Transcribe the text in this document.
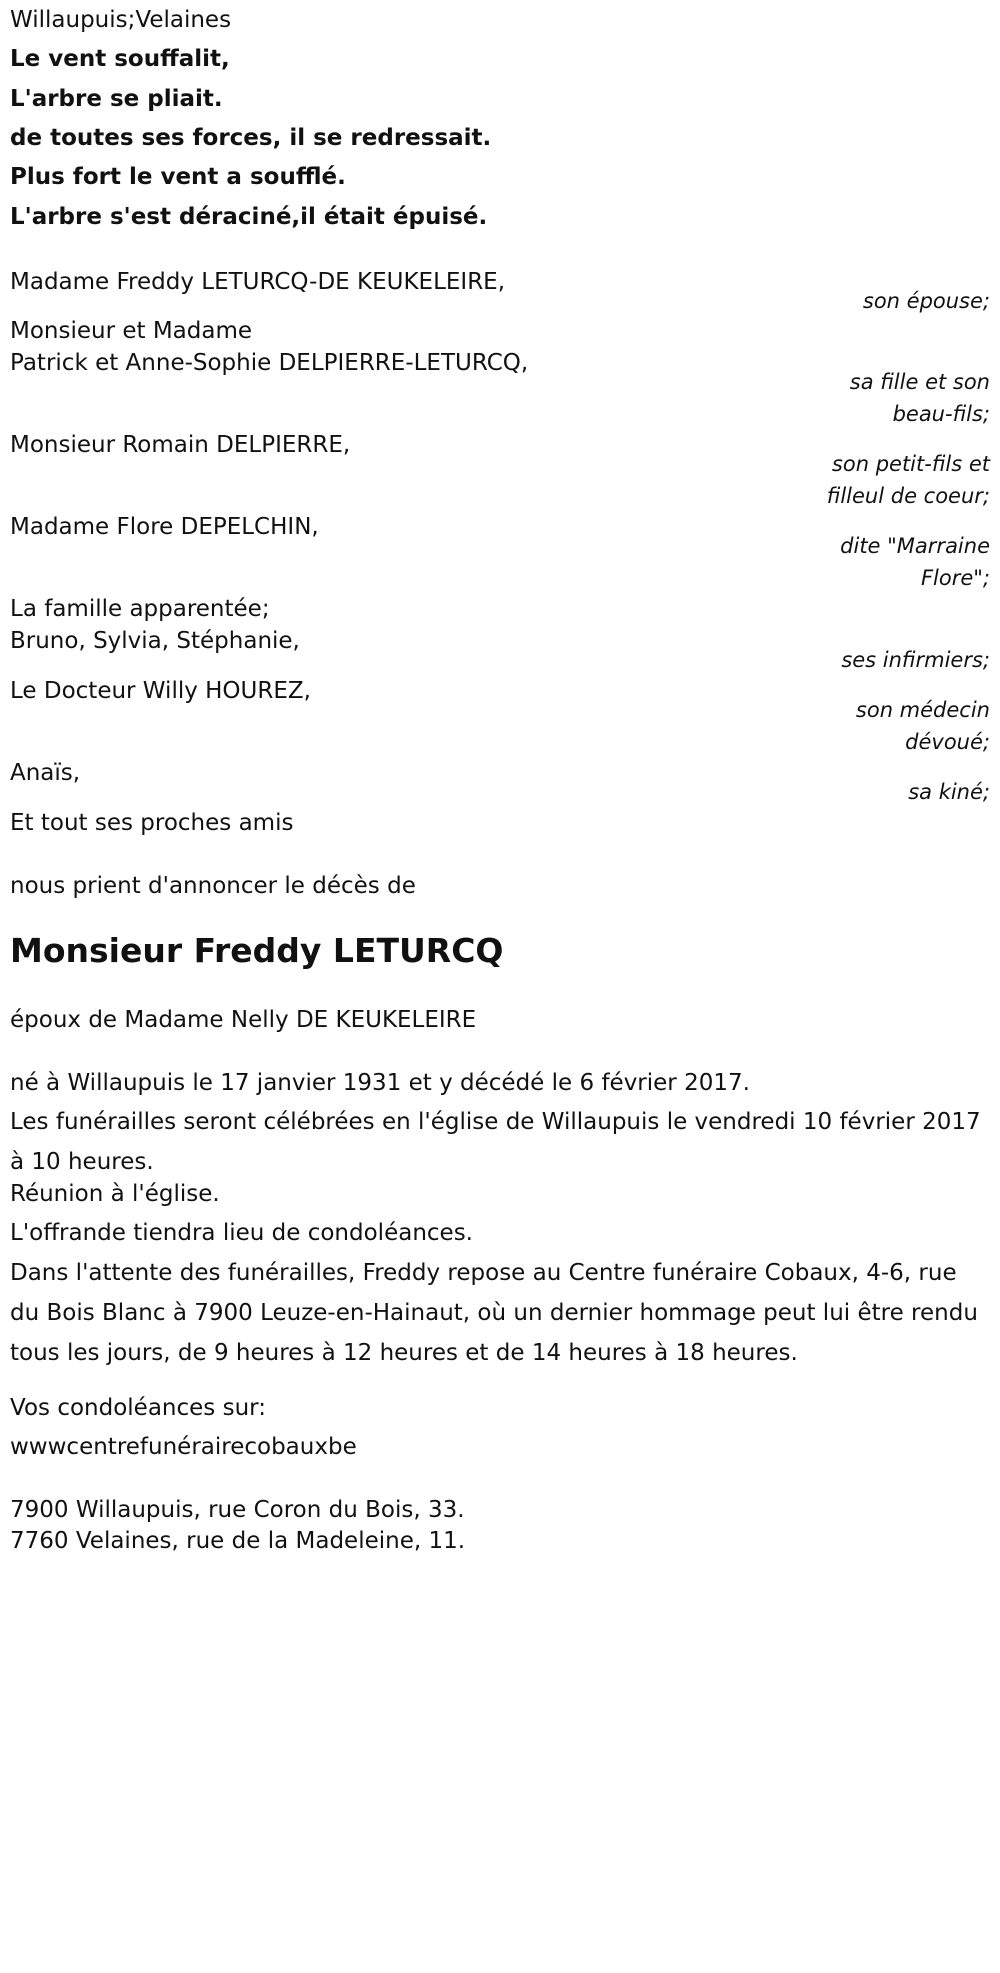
Willaupuis;Velaines

Le vent souffalit,

L'arbre se pliait.

de toutes ses forces, il se redressait.

Plus fort le vent a soufflé.

L'arbre s'est déraciné,il était épuisé.

Madame Freddy LETURCQ-DE KEUKELEIRE,

son épouse;

Monsieur et Madame

Patrick et Anne-Sophie DELPIERRE-LETURCQ,

sa fille et son

beau-fils;

Monsieur Romain DELPIERRE,

son petit-fils et

filleul de coeur;

Madame Flore DEPELCHIN,

dite "Marraine

Flore";

La famille apparentée;

Bruno, Sylvia, Stéphanie,

ses infirmiers;

Le Docteur Willy HOUREZ,

son médecin

dévoué;

Anaïs,

sa kiné;

Et tout ses proches amis

nous prient d'annoncer le décès de

Monsieur Freddy LETURCQ

époux de Madame Nelly DE KEUKELEIRE

né à Willaupuis le 17 janvier 1931 et y décédé le 6 février 2017.

Les funérailles seront célébrées en l'église de Willaupuis le vendredi 10 février 2017 à 10 heures.

Réunion à l'église.

L'offrande tiendra lieu de condoléances.

Dans l'attente des funérailles, Freddy repose au Centre funéraire Cobaux, 4-6, rue du Bois Blanc à 7900 Leuze-en-Hainaut, où un dernier hommage peut lui être rendu tous les jours, de 9 heures à 12 heures et de 14 heures à 18 heures.

Vos condoléances sur:

wwwcentrefunérairecobauxbe

7900 Willaupuis, rue Coron du Bois, 33.

7760 Velaines, rue de la Madeleine, 11.
